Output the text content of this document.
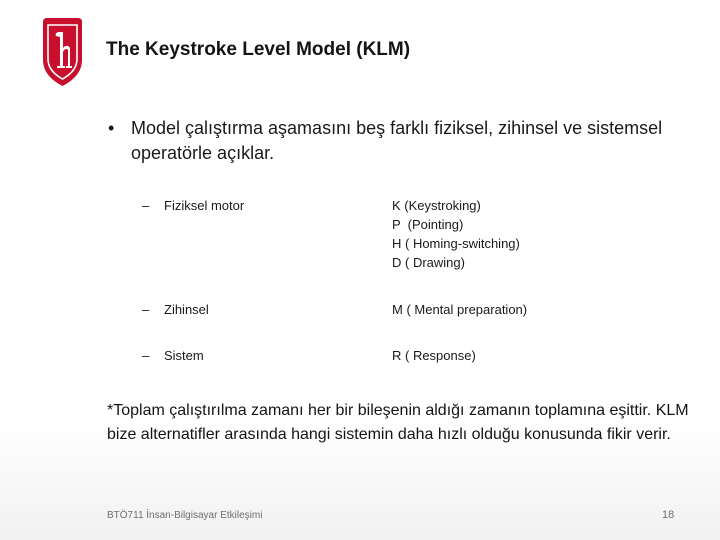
The Keystroke Level Model (KLM)
• Model çalıştırma aşamasını beş farklı fiziksel, zihinsel ve sistemsel operatörle açıklar.
– Fiziksel motor	K (Keystroking)
P  (Pointing)
H ( Homing-switching)
D ( Drawing)
– Zihinsel	M ( Mental preparation)
– Sistem	R ( Response)
*Toplam çalıştırılma zamanı her bir bileşenin aldığı zamanın toplamına eşittir. KLM bize alternatifler arasında hangi sistemin daha hızlı olduğu konusunda fikir verir.
BTÖ711 İnsan-Bilgisayar Etkileşimi	18
